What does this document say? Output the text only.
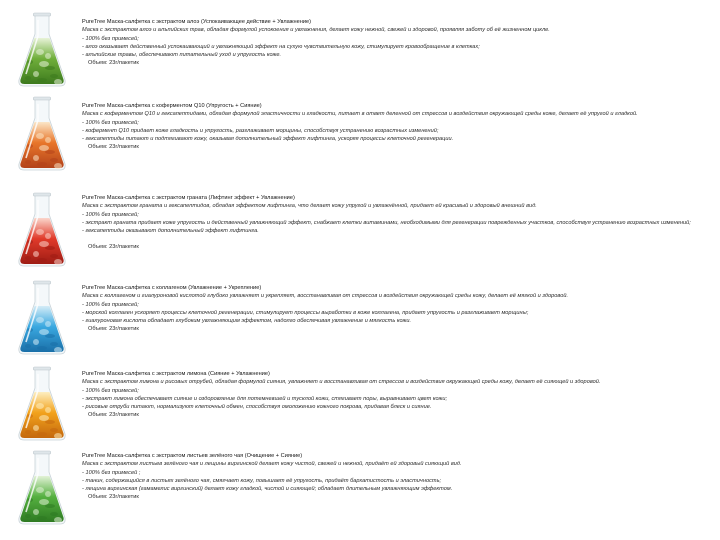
PureTree Маска-салфетка с экстрактом алоэ (Успокаивающее действие + Увлажнение)
Маска с экстрактом алоэ и алъпийских трав, обладая формулой успокоения и увлажнения, делает кожу нежной, свежей и здоровой, проявляя заботу об её жизненном цикле.
- 100% без примесей;
- алоэ оказывает действенный успокаивающий и увлажняющий эффект на сухую чувствительную кожу, стимулирует кровообращение в клетках;
- алъпийские травы, обеспечивают питательный уход и упругость коже.
Объем: 23г/пакетик
PureTree Маска-салфетка с коферментом Q10 (Упругость + Сияние)
Маска с коферментом Q10 и гексапептидами, обладая формулой эластичности и гладкости, питает в ответ деленной от стрессов и воздействия окружающей среды коже, делает её упругой и гладкой.
- 100% без примесей;
- кофермент Q10 придает коже гладкость и упругость, разглаживает морщины, способствуя устранению возрастных изменений;
- гексапептиды питают и подтягивают кожу, оказывая дополнительный эффект лифтинга, ускоряя процессы клеточной регенерации.
Объем: 23г/пакетик
PureTree Маска-салфетка с экстрактом граната (Лифтинг эффект + Увлажнение)
Маска с экстрактом граната и гексапептидов, обладая эффектом лифтинга, что делает кожу упругой и увлажнённой, придает ей красивый и здоровый внешний вид.
- 100% без примесей;
- экстракт граната придает коже упругость и действенный увлажняющий эффект, снабжает клетки витаминами, необходимыми для регенерации поврежденных участков, способствуя устранению возрастных изменений;
- гексапептиды оказывают дополнительный эффект лифтинга.
Объем: 23г/пакетик
PureTree Маска-салфетка с коллагеном (Увлажнение + Укрепление)
Маска с коллагеном и гиалуроновой кислотой глубоко увлажняет и укрепляет, восстанавливая от стрессов и воздействия окружающей среды кожу, делает её мягкой и здоровой.
- 100% без примесей;
- морской коллаген ускоряет процессы клеточной регенерации, стимулирует процессы выработки в коже коллагена, придает упругость и разглаживает морщины;
- гиалуроновая кислота обладает глубоким увлажняющим эффектом, надолго обеспечивая увлажнение и мягкость кожи.
Объем: 23г/пакетик
PureTree Маска-салфетка с экстрактом лимона (Сияние + Увлажнение)
Маска с экстрактом лимона и рисовых отрубей, обладая формулой сияния, увлажняет и восстанавливая от стрессов и воздействия окружающей среды кожу, делает её сияющей и здоровой.
- 100% без примесей;
- экстракт лимона обеспечивает сияние и оздоровление для потемневшей и тусклой кожи, стягивает поры, выравнивает цвет кожи;
- рисовые отруби питают, нормализуют клеточный обмен, способствуя омоложению кожного покрова, придавая блеск и сияние.
Объем: 23г/пакетик
PureTree Маска-салфетка с экстрактом листьев зелёного чая (Очищение + Сияние)
Маска с экстрактом листьев зелёного чая и лещины виргинской делает кожу чистой, свежей и нежной, придаёт ей здоровый сияющий вид.
- 100% без примесей ;
- танин, содержащийся в листьях зелёного чая, смягчает кожу, повышает её упругость, придаёт бархатистость и эластичность;
- лещина виргинская (гамамелис виргинский) делает кожу гладкой, чистой и сияющей; обладает длительным увлажняющим эффектом.
Объем: 23г/пакетик
